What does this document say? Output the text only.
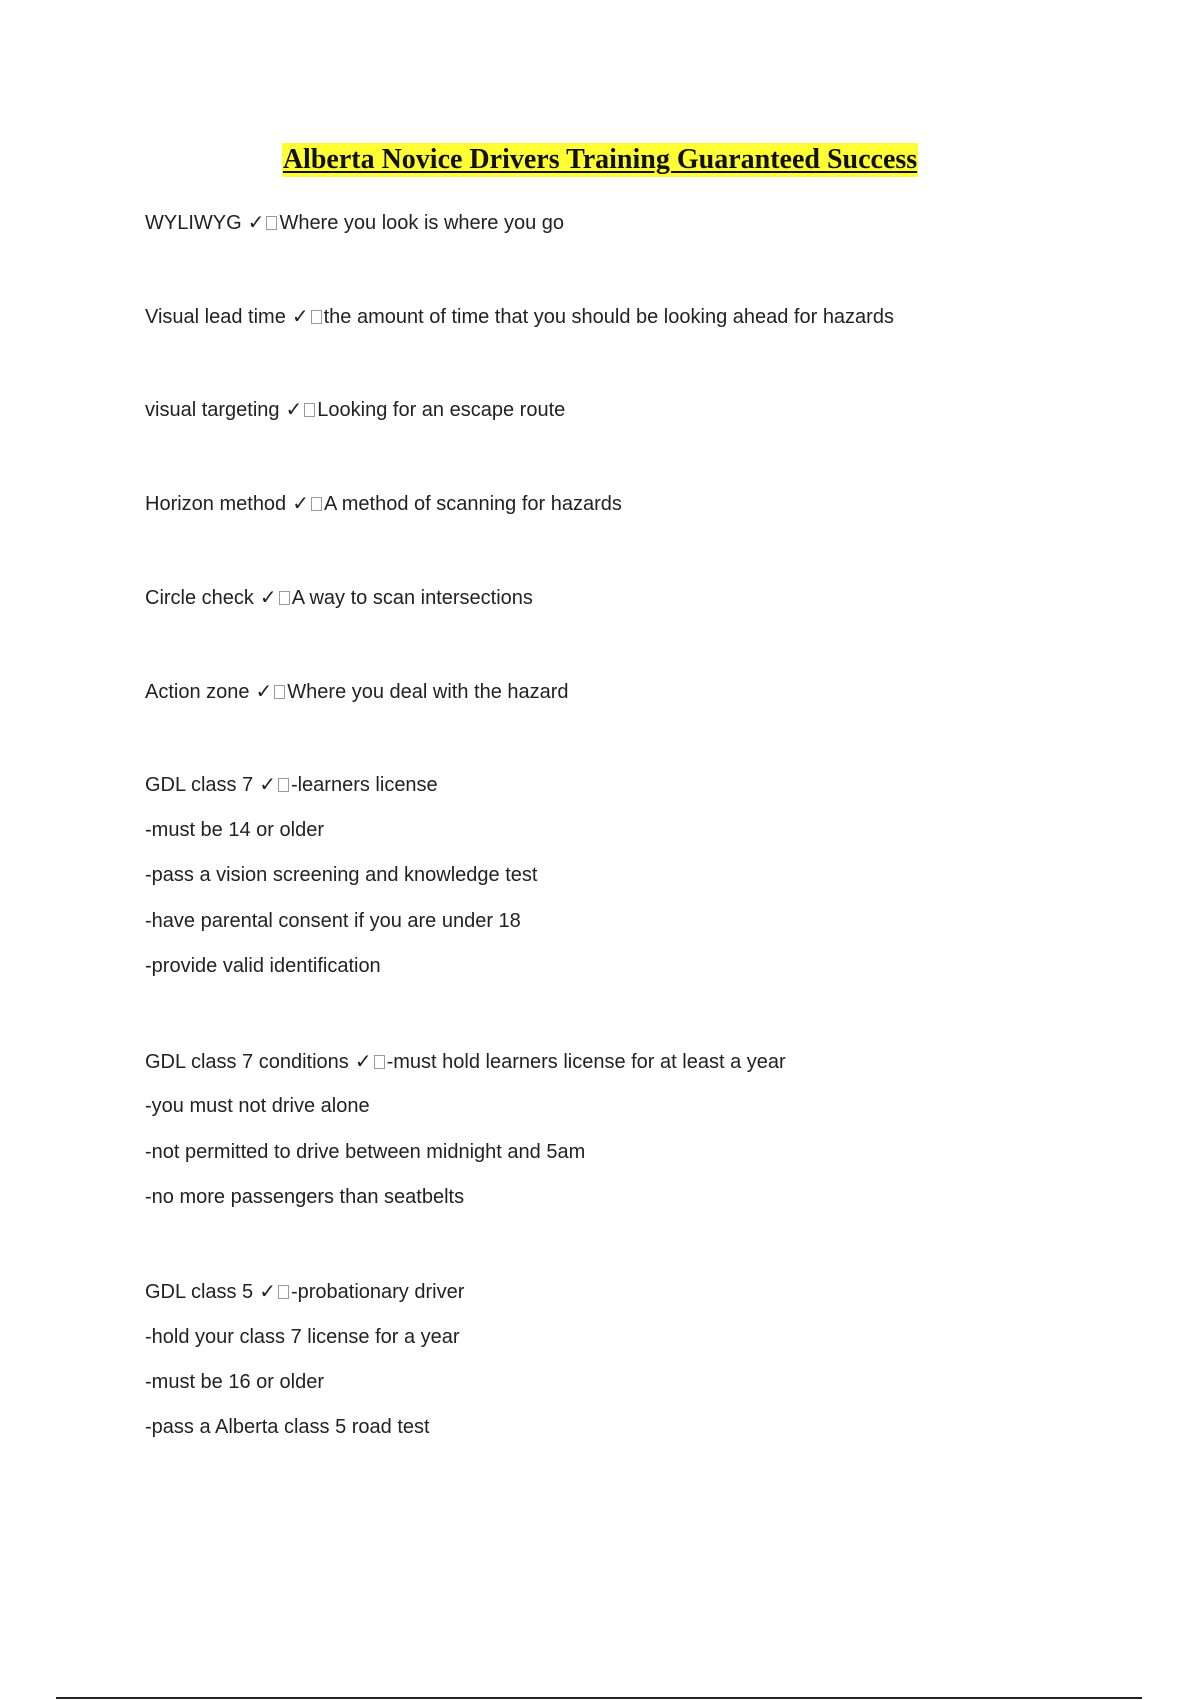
Alberta Novice Drivers Training Guaranteed Success
WYLIWYG ✓ Where you look is where you go
Visual lead time ✓ the amount of time that you should be looking ahead for hazards
visual targeting ✓ Looking for an escape route
Horizon method ✓ A method of scanning for hazards
Circle check ✓ A way to scan intersections
Action zone ✓ Where you deal with the hazard
GDL class 7 ✓ -learners license
-must be 14 or older
-pass a vision screening and knowledge test
-have parental consent if you are under 18
-provide valid identification
GDL class 7 conditions ✓ -must hold learners license for at least a year
-you must not drive alone
-not permitted to drive between midnight and 5am
-no more passengers than seatbelts
GDL class 5 ✓ -probationary driver
-hold your class 7 license for a year
-must be 16 or older
-pass a Alberta class 5 road test
